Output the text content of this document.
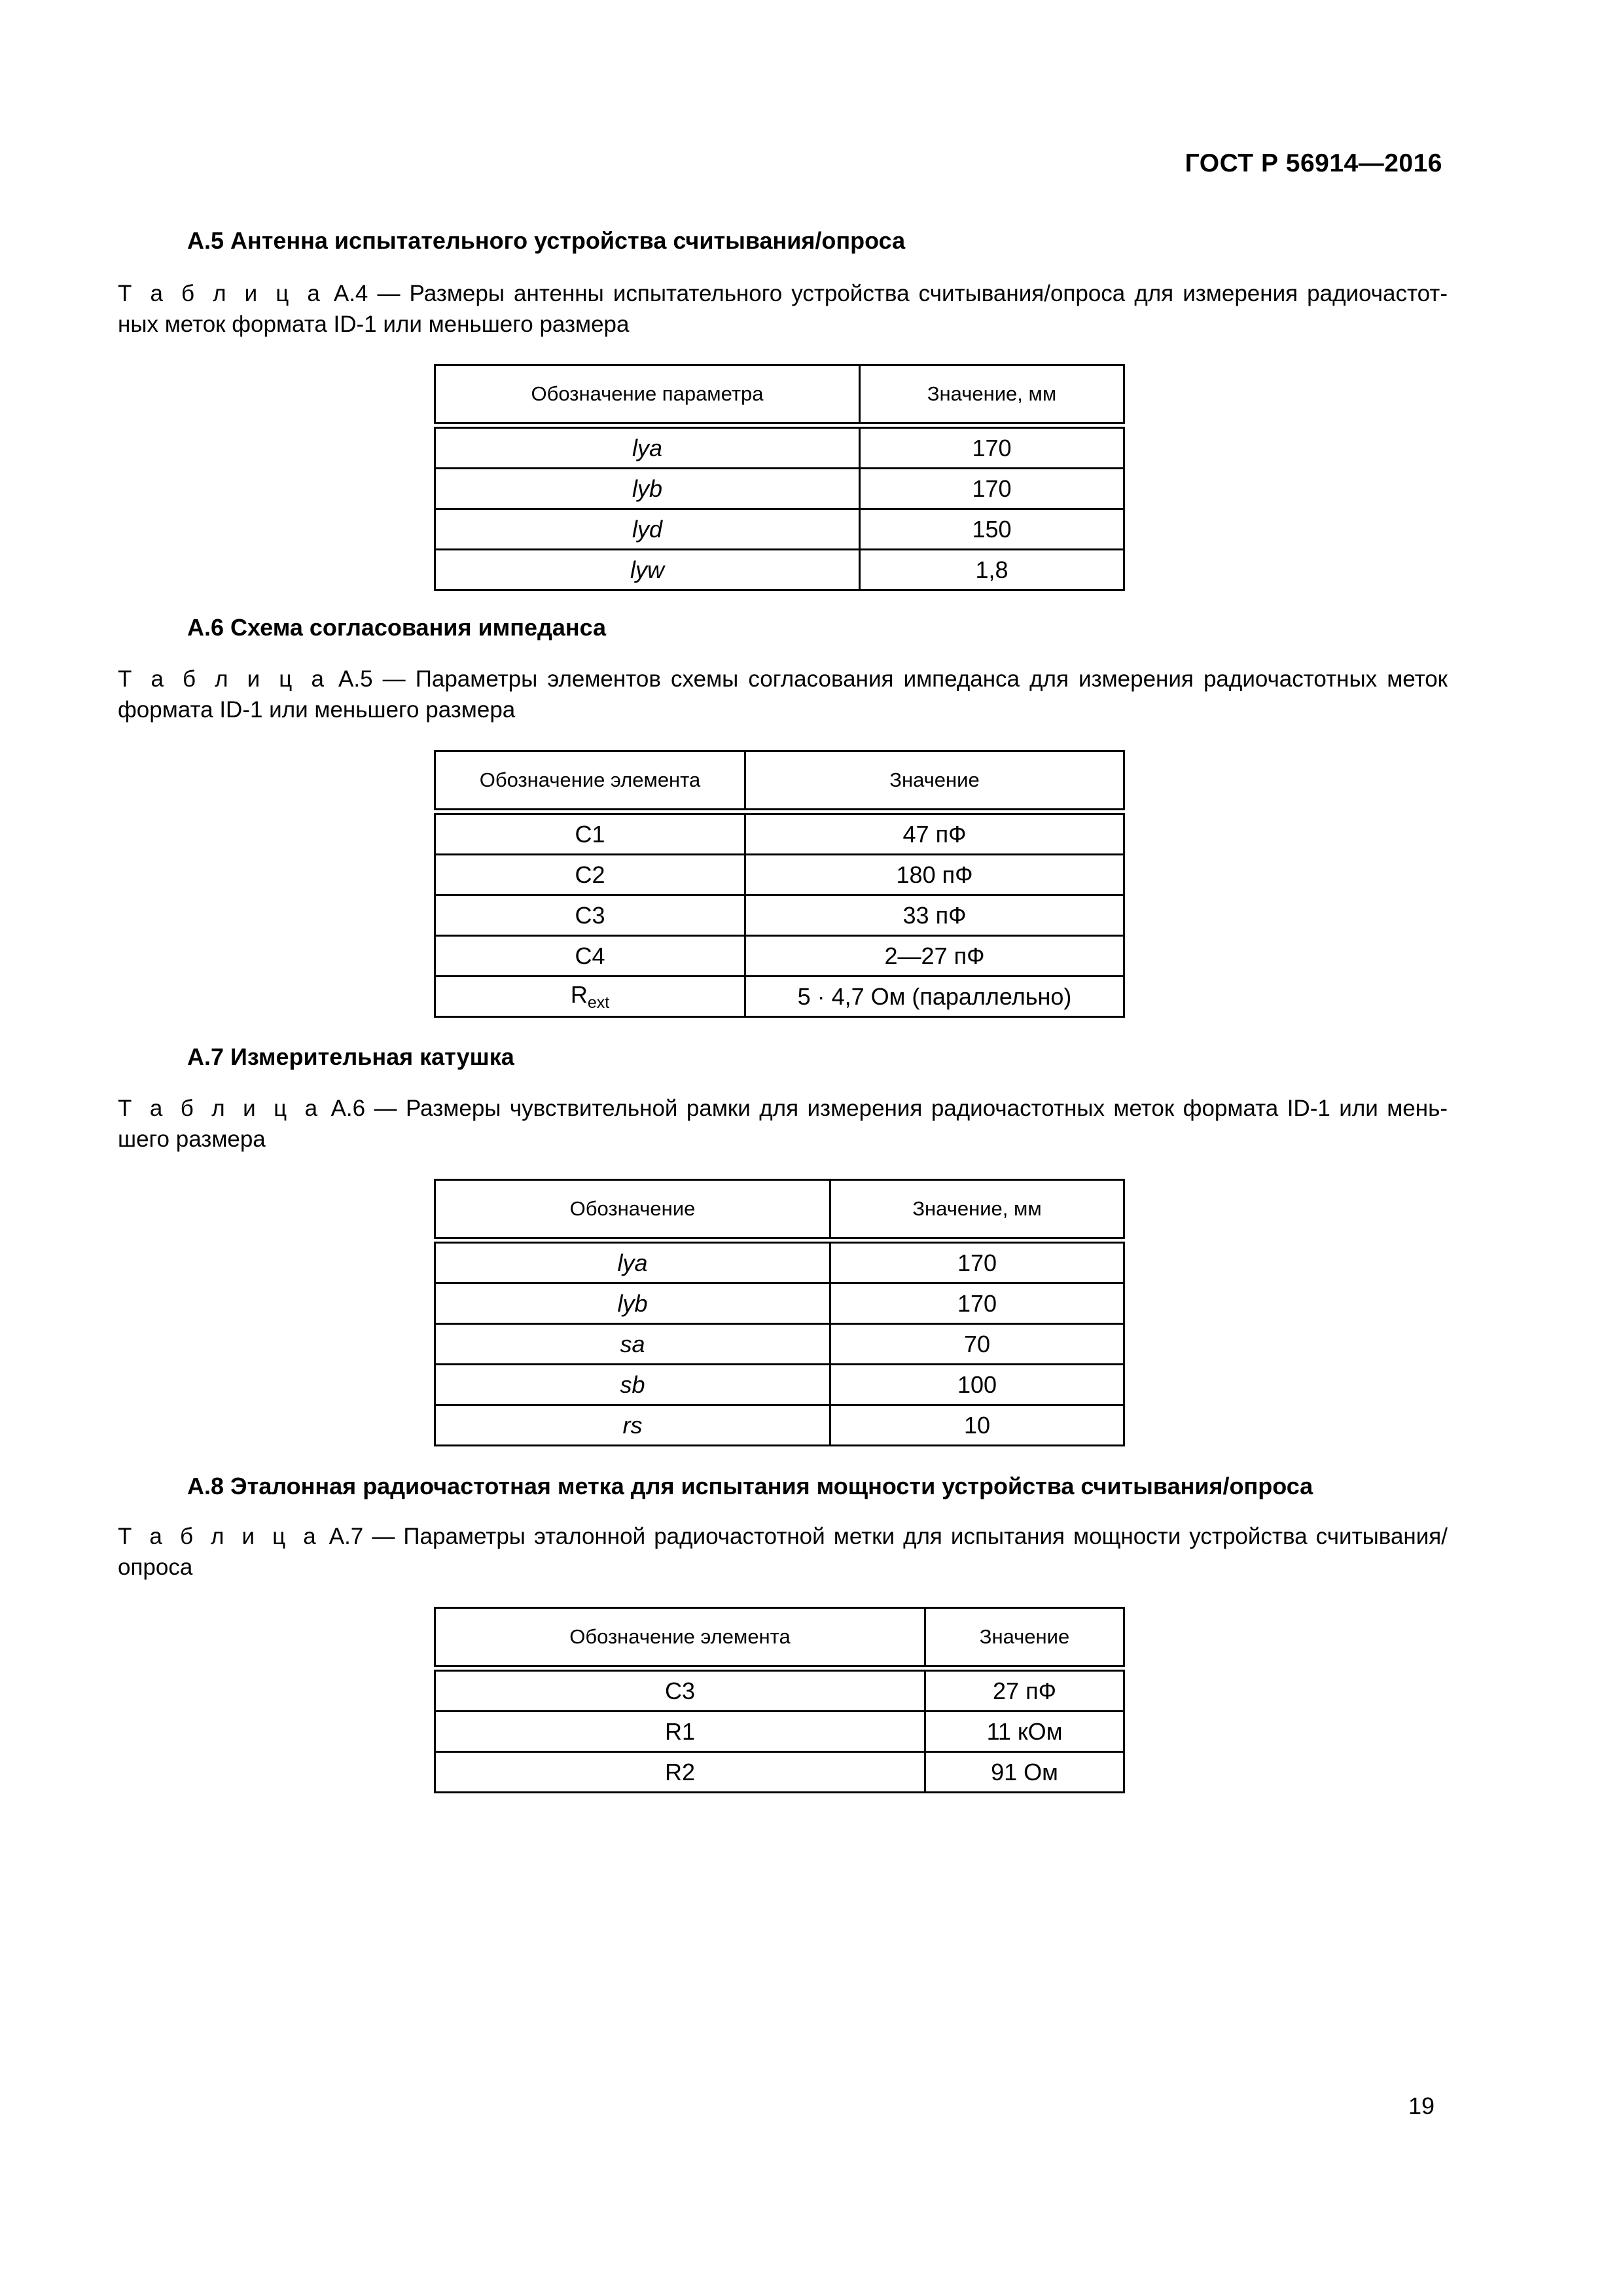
ГОСТ Р 56914—2016
А.5 Антенна испытательного устройства считывания/опроса
Т а б л и ц а А.4 — Размеры антенны испытательного устройства считывания/опроса для измерения радиочастот-
ных меток формата ID-1 или меньшего размера
Обозначение параметра	Значение, мм
lya	170
lyb	170
lyd	150
lyw	1,8
А.6 Схема согласования импеданса
Т а б л и ц а А.5 — Параметры элементов схемы согласования импеданса для измерения радиочастотных меток
формата ID-1 или меньшего размера
Обозначение элемента	Значение
C1	47 пФ
C2	180 пФ
C3	33 пФ
C4	2—27 пФ
$R_{ext}$	5 · 4,7 Ом (параллельно)
А.7 Измерительная катушка
Т а б л и ц а А.6 — Размеры чувствительной рамки для измерения радиочастотных меток формата ID-1 или мень-
шего размера
Обозначение	Значение, мм
lya	170
lyb	170
sa	70
sb	100
rs	10
А.8 Эталонная радиочастотная метка для испытания мощности устройства считывания/опроса
Т а б л и ц а А.7 — Параметры эталонной радиочастотной метки для испытания мощности устройства считывания/
опроса
Обозначение элемента	Значение
C3	27 пФ
R1	11 кОм
R2	91 Ом
19
